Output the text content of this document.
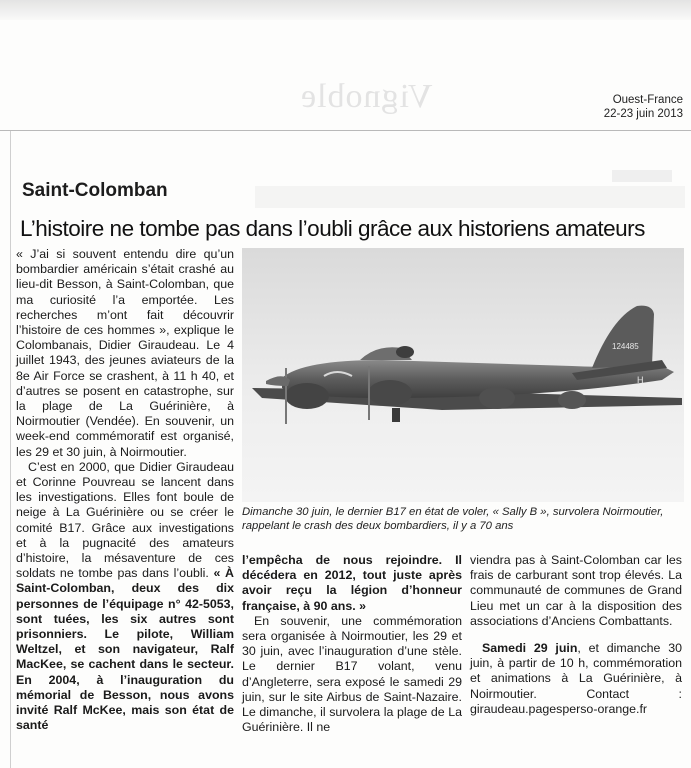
Vignoble	Ouest-France
22-23 juin 2013
Saint-Colomban
L’histoire ne tombe pas dans l’oubli grâce aux historiens amateurs

« J’ai si souvent entendu dire qu’un bombardier américain s’était crashé au lieu-dit Besson, à Saint-Colomban, que ma curiosité l’a emportée. Les recherches m’ont fait découvrir l’histoire de ces hommes », explique le Colombanais, Didier Giraudeau. Le 4 juillet 1943, des jeunes aviateurs de la 8e Air Force se crashent, à 11 h 40, et d’autres se posent en catastrophe, sur la plage de La Guérinière, à Noirmoutier (Vendée). En souvenir, un week-end commémoratif est organisé, les 29 et 30 juin, à Noirmoutier.

C’est en 2000, que Didier Giraudeau et Corinne Pouvreau se lancent dans les investigations. Elles font boule de neige à La Guérinière ou se créer le comité B17. Grâce aux investigations et à la pugnacité des amateurs d’histoire, la mésaventure de ces soldats ne tombe pas dans l’oubli. « À Saint-Colomban, deux des dix personnes de l’équipage n° 42-5053, sont tuées, les six autres sont prisonniers. Le pilote, William Weltzel, et son navigateur, Ralf MacKee, se cachent dans le secteur. En 2004, à l’inauguration du mémorial de Besson, nous avons invité Ralf McKee, mais son état de santé

124485
H
Dimanche 30 juin, le dernier B17 en état de voler, « Sally B », survolera Noirmoutier, rappelant le crash des deux bombardiers, il y a 70 ans

l’empêcha de nous rejoindre. Il décédera en 2012, tout juste après avoir reçu la légion d’honneur française, à 90 ans. »

En souvenir, une commémoration sera organisée à Noirmoutier, les 29 et 30 juin, avec l’inauguration d’une stèle. Le dernier B17 volant, venu d’Angleterre, sera exposé le samedi 29 juin, sur le site Airbus de Saint-Nazaire. Le dimanche, il survolera la plage de La Guérinière. Il ne

viendra pas à Saint-Colomban car les frais de carburant sont trop élevés. La communauté de communes de Grand Lieu met un car à la disposition des associations d’Anciens Combattants.

Samedi 29 juin, et dimanche 30 juin, à partir de 10 h, commémoration et animations à La Guérinière, à Noirmoutier. Contact : giraudeau.pagesperso-orange.fr
